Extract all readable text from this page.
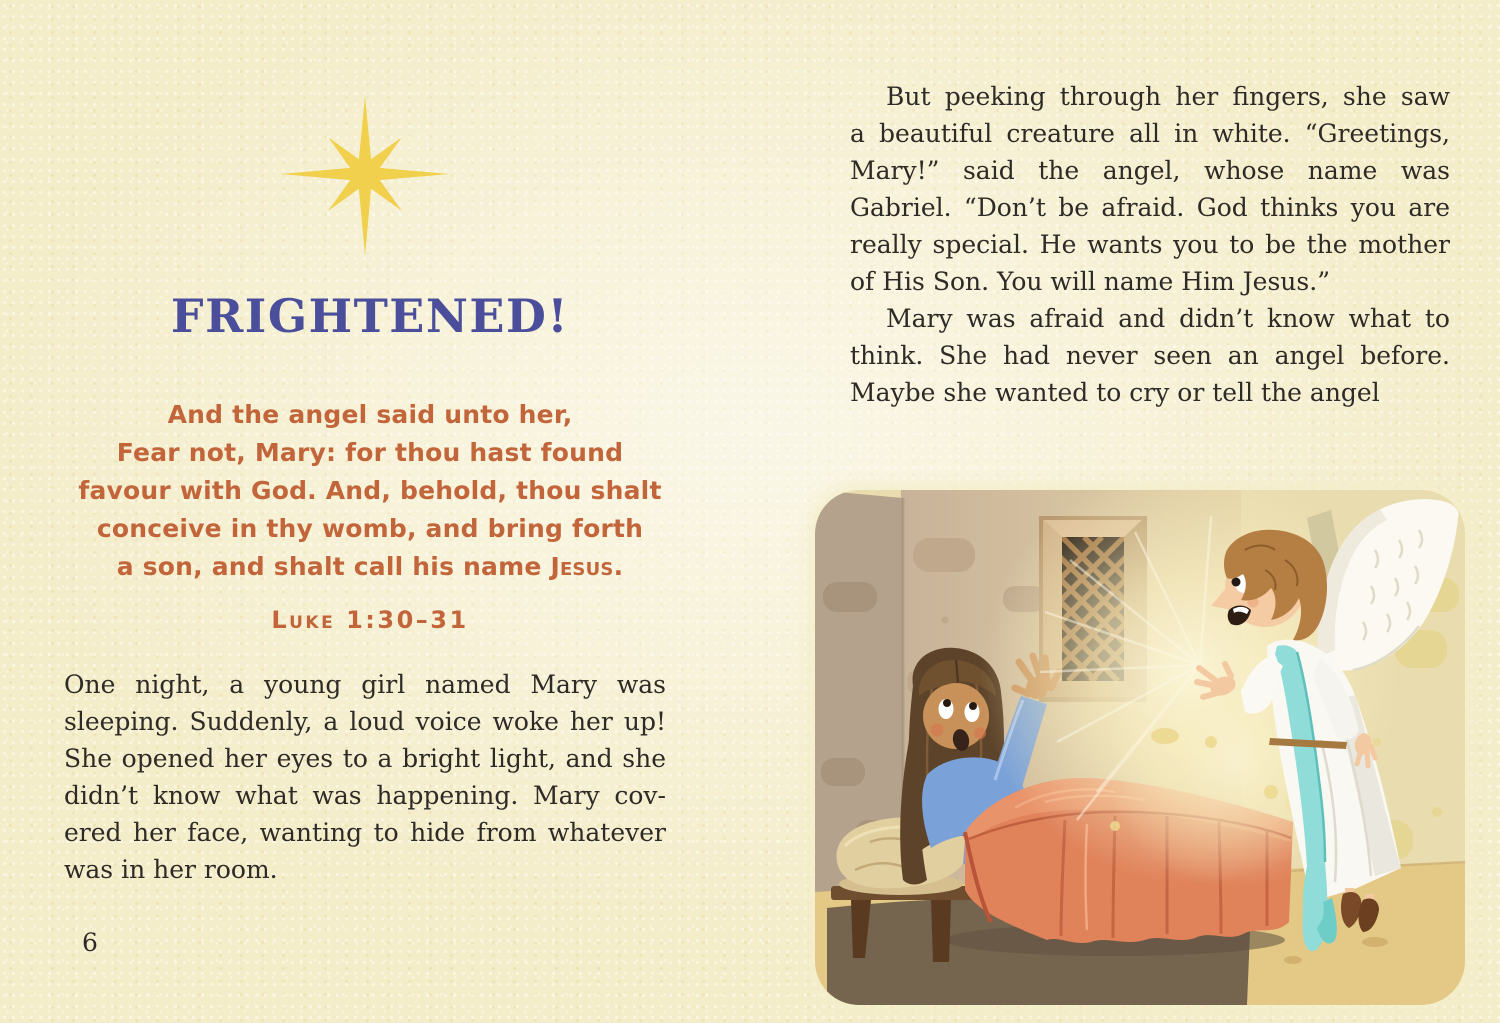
FRIGHTENED!
And the angel said unto her,
Fear not, Mary: for thou hast found
favour with God. And, behold, thou shalt
conceive in thy womb, and bring forth
a son, and shalt call his name Jesus.
Luke 1:30–31
One night, a young girl named Mary was
sleeping. Suddenly, a loud voice woke her up!
She opened her eyes to a bright light, and she
didn’t know what was happening. Mary cov-
ered her face, wanting to hide from whatever
was in her room.
6
But peeking through her fingers, she saw
a beautiful creature all in white. “Greetings,
Mary!” said the angel, whose name was
Gabriel. “Don’t be afraid. God thinks you are
really special. He wants you to be the mother
of His Son. You will name Him Jesus.”
Mary was afraid and didn’t know what to
think. She had never seen an angel before.
Maybe she wanted to cry or tell the angel
